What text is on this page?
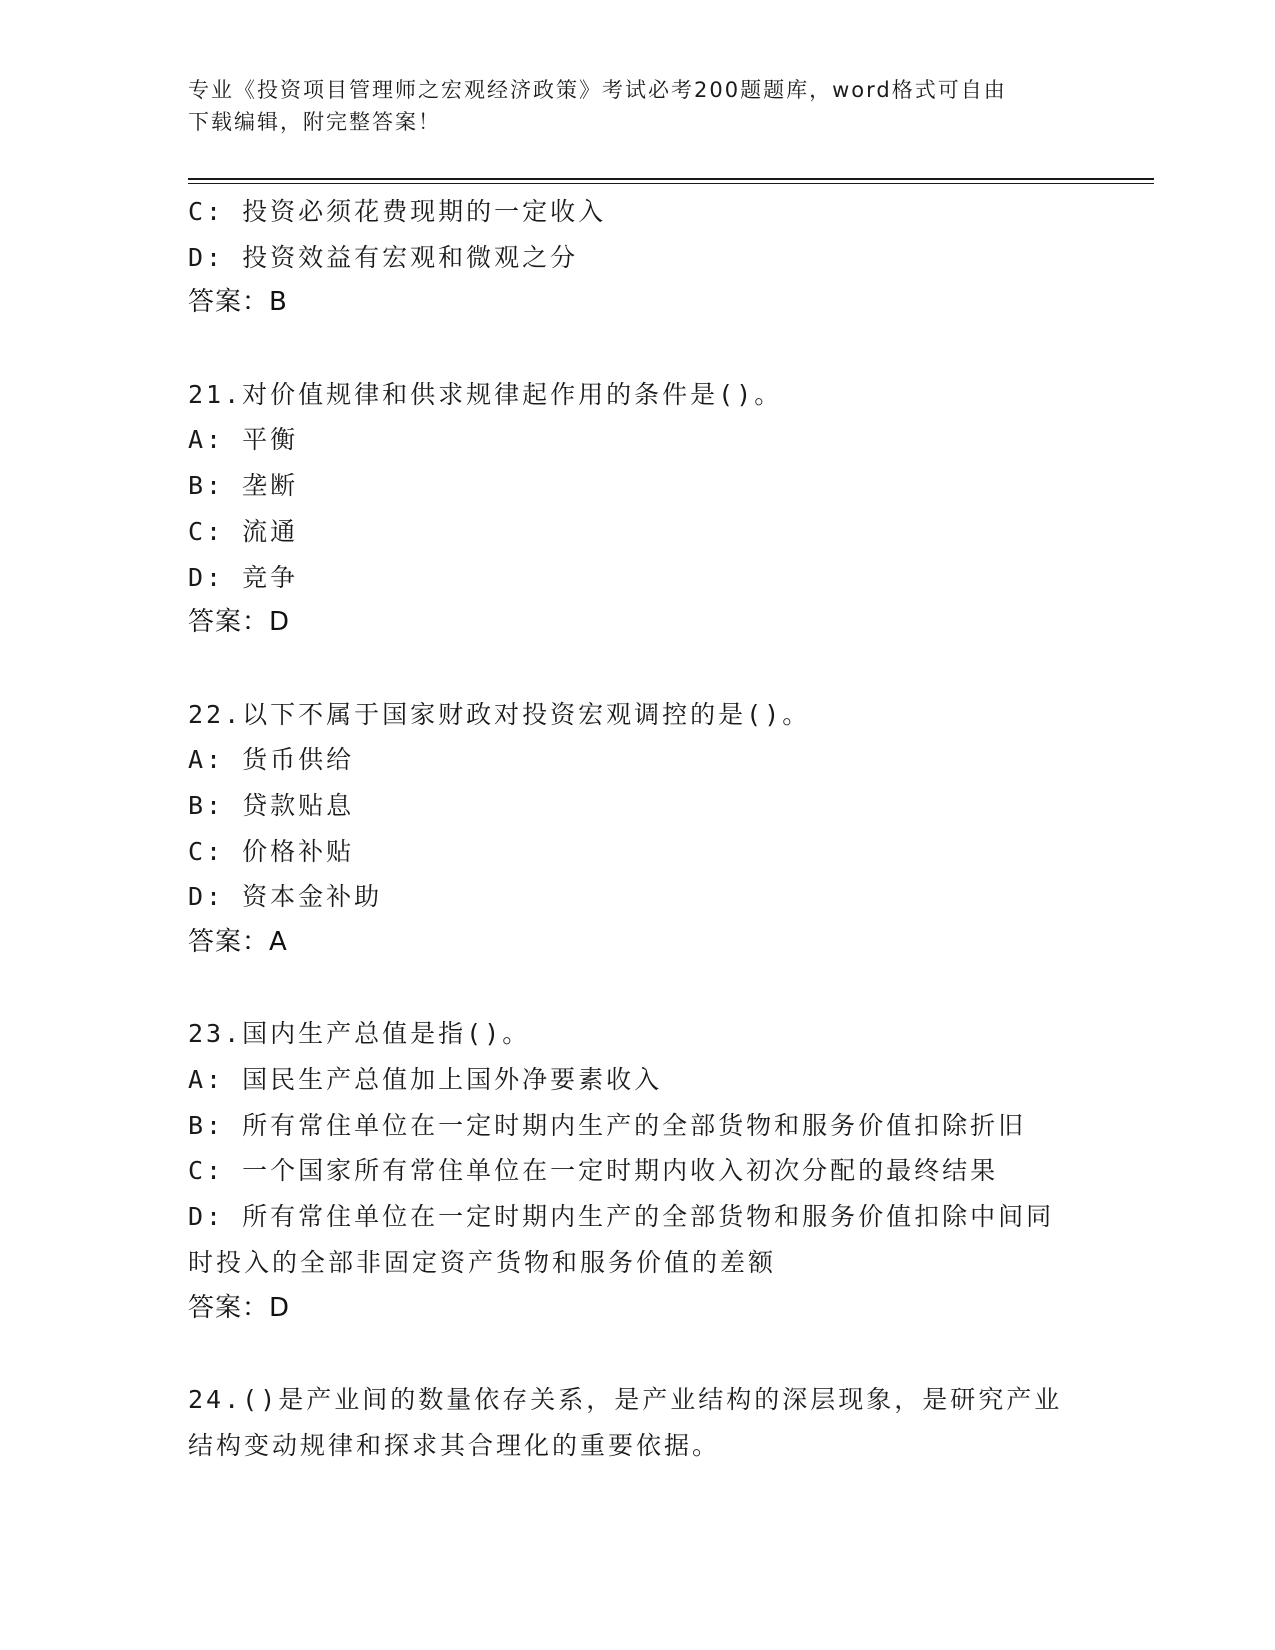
专业《投资项目管理师之宏观经济政策》考试必考200题题库，word格式可自由
下载编辑，附完整答案！
C: 投资必须花费现期的一定收入
D: 投资效益有宏观和微观之分
答案：B
21.对价值规律和供求规律起作用的条件是()。
A: 平衡
B: 垄断
C: 流通
D: 竞争
答案：D
22.以下不属于国家财政对投资宏观调控的是()。
A: 货币供给
B: 贷款贴息
C: 价格补贴
D: 资本金补助
答案：A
23.国内生产总值是指()。
A: 国民生产总值加上国外净要素收入
B: 所有常住单位在一定时期内生产的全部货物和服务价值扣除折旧
C: 一个国家所有常住单位在一定时期内收入初次分配的最终结果
D: 所有常住单位在一定时期内生产的全部货物和服务价值扣除中间同
时投入的全部非固定资产货物和服务价值的差额
答案：D
24.()是产业间的数量依存关系，是产业结构的深层现象，是研究产业
结构变动规律和探求其合理化的重要依据。
